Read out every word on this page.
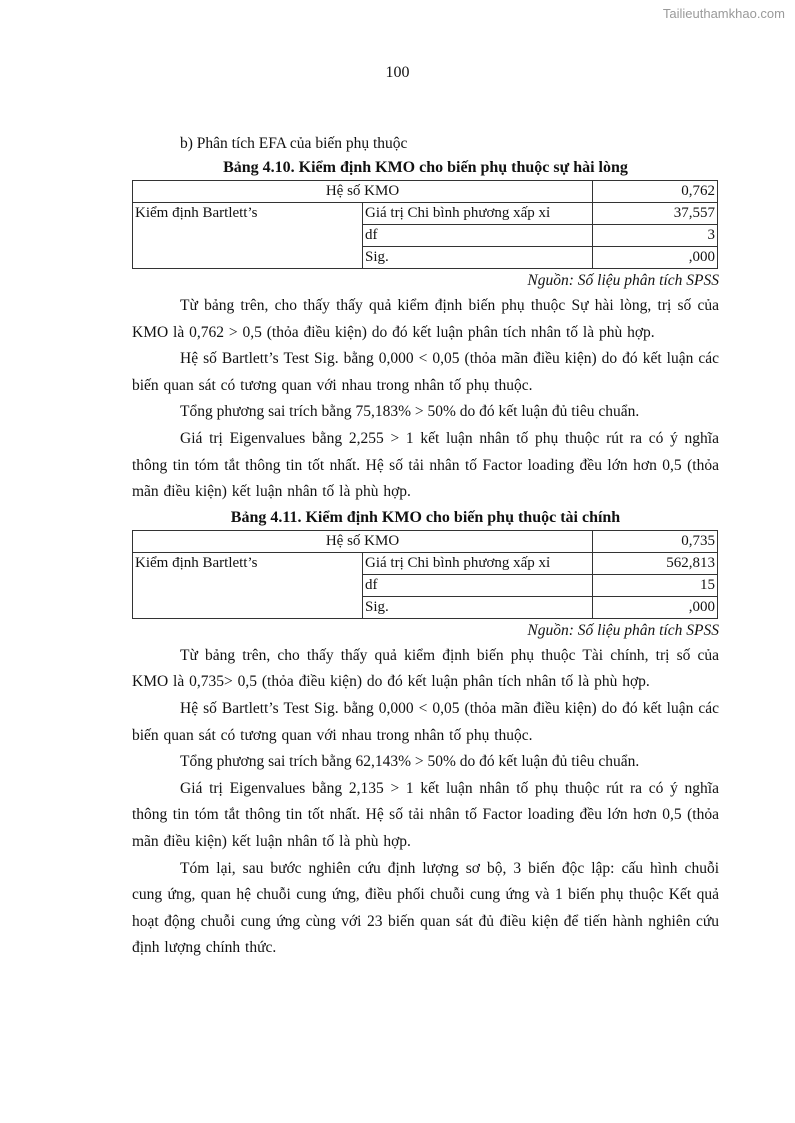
Tailieuthamkhao.com
100

b) Phân tích EFA của biến phụ thuộc

Bảng 4.10. Kiểm định KMO cho biến phụ thuộc sự hài lòng

Hệ số KMO		0,762
Kiểm định Bartlett’s	Giá trị Chi bình phương xấp xỉ	37,557
	df	3
	Sig.	,000

Nguồn: Số liệu phân tích SPSS

Từ bảng trên, cho thấy thấy quả kiểm định biến phụ thuộc Sự hài lòng, trị số của KMO là 0,762 > 0,5 (thỏa điều kiện) do đó kết luận phân tích nhân tố là phù hợp.

Hệ số Bartlett’s Test Sig. bằng 0,000 < 0,05 (thỏa mãn điều kiện) do đó kết luận các biến quan sát có tương quan với nhau trong nhân tố phụ thuộc.

Tổng phương sai trích bằng 75,183% > 50% do đó kết luận đủ tiêu chuẩn.

Giá trị Eigenvalues bằng 2,255 > 1 kết luận nhân tố phụ thuộc rút ra có ý nghĩa thông tin tóm tắt thông tin tốt nhất. Hệ số tải nhân tố Factor loading đều lớn hơn 0,5 (thỏa mãn điều kiện) kết luận nhân tố là phù hợp.

Bảng 4.11. Kiểm định KMO cho biến phụ thuộc tài chính

Hệ số KMO		0,735
Kiểm định Bartlett’s	Giá trị Chi bình phương xấp xỉ	562,813
	df	15
	Sig.	,000

Nguồn: Số liệu phân tích SPSS

Từ bảng trên, cho thấy thấy quả kiểm định biến phụ thuộc Tài chính, trị số của KMO là 0,735> 0,5 (thỏa điều kiện) do đó kết luận phân tích nhân tố là phù hợp.

Hệ số Bartlett’s Test Sig. bằng 0,000 < 0,05 (thỏa mãn điều kiện) do đó kết luận các biến quan sát có tương quan với nhau trong nhân tố phụ thuộc.

Tổng phương sai trích bằng 62,143% > 50% do đó kết luận đủ tiêu chuẩn.

Giá trị Eigenvalues bằng 2,135 > 1 kết luận nhân tố phụ thuộc rút ra có ý nghĩa thông tin tóm tắt thông tin tốt nhất. Hệ số tải nhân tố Factor loading đều lớn hơn 0,5 (thỏa mãn điều kiện) kết luận nhân tố là phù hợp.

Tóm lại, sau bước nghiên cứu định lượng sơ bộ, 3 biến độc lập: cấu hình chuỗi cung ứng, quan hệ chuỗi cung ứng, điều phối chuỗi cung ứng và 1 biến phụ thuộc Kết quả hoạt động chuỗi cung ứng cùng với 23 biến quan sát đủ điều kiện để tiến hành nghiên cứu định lượng chính thức.
